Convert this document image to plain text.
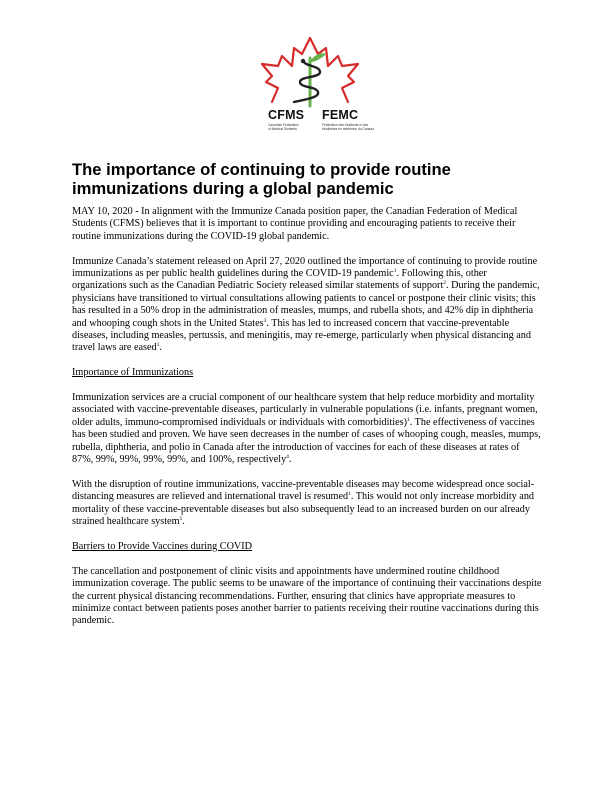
CFMS FEMC
Canadian Federation
of Medical Students
Fédération des étudiants et des
étudiantes en médecine du Canada
The importance of continuing to provide routine immunizations during a global pandemic

MAY 10, 2020 - In alignment with the Immunize Canada position paper, the Canadian Federation of Medical Students (CFMS) believes that it is important to continue providing and encouraging patients to receive their routine immunizations during the COVID-19 global pandemic.

Immunize Canada’s statement released on April 27, 2020 outlined the importance of continuing to provide routine immunizations as per public health guidelines during the COVID-19 pandemic$^1$. Following this, other organizations such as the Canadian Pediatric Society released similar statements of support$^2$. During the pandemic, physicians have transitioned to virtual consultations allowing patients to cancel or postpone their clinic visits; this has resulted in a 50% drop in the administration of measles, mumps, and rubella shots, and 42% dip in diphtheria and whooping cough shots in the United States$^3$. This has led to increased concern that vaccine-preventable diseases, including measles, pertussis, and meningitis, may re-emerge, particularly when physical distancing and travel laws are eased$^1$.

Importance of Immunizations

Immunization services are a crucial component of our healthcare system that help reduce morbidity and mortality associated with vaccine-preventable diseases, particularly in vulnerable populations (i.e. infants, pregnant women, older adults, immuno-compromised individuals or individuals with comorbidities)$^1$. The effectiveness of vaccines has been studied and proven. We have seen decreases in the number of cases of whooping cough, measles, mumps, rubella, diphtheria, and polio in Canada after the introduction of vaccines for each of these diseases at rates of 87%, 99%, 99%, 99%, 99%, and 100%, respectively$^4$.

With the disruption of routine immunizations, vaccine-preventable diseases may become widespread once social-distancing measures are relieved and international travel is resumed$^1$. This would not only increase morbidity and mortality of these vaccine-preventable diseases but also subsequently lead to an increased burden on our already strained healthcare system$^5$.

Barriers to Provide Vaccines during COVID

The cancellation and postponement of clinic visits and appointments have undermined routine childhood immunization coverage. The public seems to be unaware of the importance of continuing their vaccinations despite the current physical distancing recommendations. Further, ensuring that clinics have appropriate measures to minimize contact between patients poses another barrier to patients receiving their routine vaccinations during this pandemic.
